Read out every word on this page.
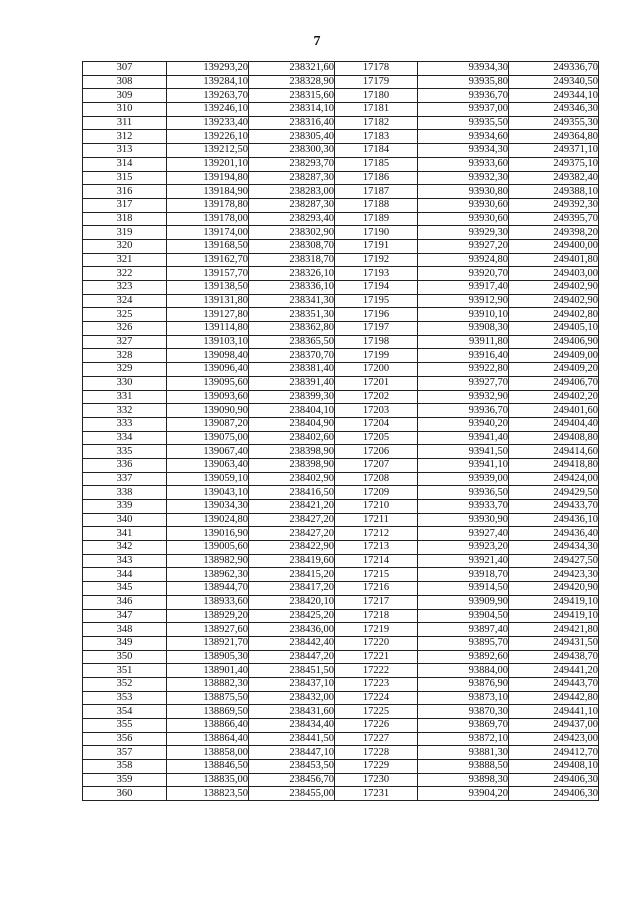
7
307	139293,20	238321,60	17178	93934,30	249336,70
308	139284,10	238328,90	17179	93935,80	249340,50
309	139263,70	238315,60	17180	93936,70	249344,10
310	139246,10	238314,10	17181	93937,00	249346,30
311	139233,40	238316,40	17182	93935,50	249355,30
312	139226,10	238305,40	17183	93934,60	249364,80
313	139212,50	238300,30	17184	93934,30	249371,10
314	139201,10	238293,70	17185	93933,60	249375,10
315	139194,80	238287,30	17186	93932,30	249382,40
316	139184,90	238283,00	17187	93930,80	249388,10
317	139178,80	238287,30	17188	93930,60	249392,30
318	139178,00	238293,40	17189	93930,60	249395,70
319	139174,00	238302,90	17190	93929,30	249398,20
320	139168,50	238308,70	17191	93927,20	249400,00
321	139162,70	238318,70	17192	93924,80	249401,80
322	139157,70	238326,10	17193	93920,70	249403,00
323	139138,50	238336,10	17194	93917,40	249402,90
324	139131,80	238341,30	17195	93912,90	249402,90
325	139127,80	238351,30	17196	93910,10	249402,80
326	139114,80	238362,80	17197	93908,30	249405,10
327	139103,10	238365,50	17198	93911,80	249406,90
328	139098,40	238370,70	17199	93916,40	249409,00
329	139096,40	238381,40	17200	93922,80	249409,20
330	139095,60	238391,40	17201	93927,70	249406,70
331	139093,60	238399,30	17202	93932,90	249402,20
332	139090,90	238404,10	17203	93936,70	249401,60
333	139087,20	238404,90	17204	93940,20	249404,40
334	139075,00	238402,60	17205	93941,40	249408,80
335	139067,40	238398,90	17206	93941,50	249414,60
336	139063,40	238398,90	17207	93941,10	249418,80
337	139059,10	238402,90	17208	93939,00	249424,00
338	139043,10	238416,50	17209	93936,50	249429,50
339	139034,30	238421,20	17210	93933,70	249433,70
340	139024,80	238427,20	17211	93930,90	249436,10
341	139016,90	238427,20	17212	93927,40	249436,40
342	139005,60	238422,90	17213	93923,20	249434,30
343	138982,90	238419,60	17214	93921,40	249427,50
344	138962,30	238415,20	17215	93918,70	249423,30
345	138944,70	238417,20	17216	93914,50	249420,90
346	138933,60	238420,10	17217	93909,90	249419,10
347	138929,20	238425,20	17218	93904,50	249419,10
348	138927,60	238436,00	17219	93897,40	249421,80
349	138921,70	238442,40	17220	93895,70	249431,50
350	138905,30	238447,20	17221	93892,60	249438,70
351	138901,40	238451,50	17222	93884,00	249441,20
352	138882,30	238437,10	17223	93876,90	249443,70
353	138875,50	238432,00	17224	93873,10	249442,80
354	138869,50	238431,60	17225	93870,30	249441,10
355	138866,40	238434,40	17226	93869,70	249437,00
356	138864,40	238441,50	17227	93872,10	249423,00
357	138858,00	238447,10	17228	93881,30	249412,70
358	138846,50	238453,50	17229	93888,50	249408,10
359	138835,00	238456,70	17230	93898,30	249406,30
360	138823,50	238455,00	17231	93904,20	249406,30
